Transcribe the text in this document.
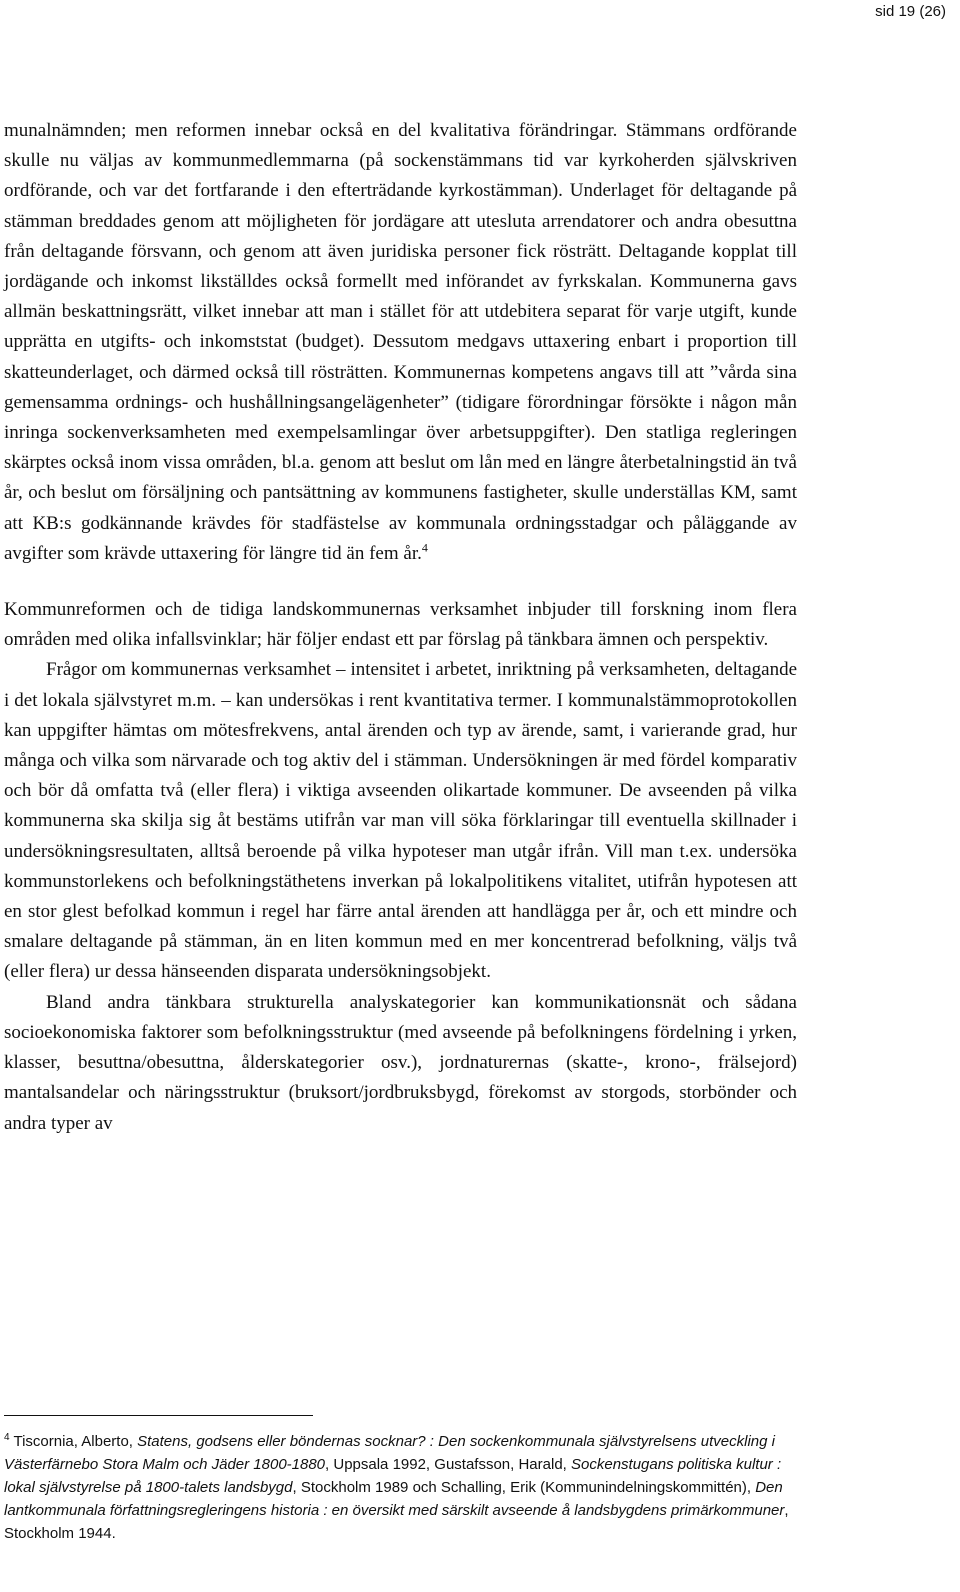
sid 19 (26)

munalnämnden; men reformen innebar också en del kvalitativa förändringar. Stämmans ordförande skulle nu väljas av kommunmedlemmarna (på sockenstämmans tid var kyrkoherden självskriven ordförande, och var det fortfarande i den efterträdande kyrkostämman). Underlaget för deltagande på stämman breddades genom att möjligheten för jordägare att utesluta arrendatorer och andra obesuttna från deltagande försvann, och genom att även juridiska personer fick rösträtt. Deltagande kopplat till jordägande och inkomst likställdes också formellt med införandet av fyrkskalan. Kommunerna gavs allmän beskattningsrätt, vilket innebar att man i stället för att utdebitera separat för varje utgift, kunde upprätta en utgifts- och inkomststat (budget). Dessutom medgavs uttaxering enbart i proportion till skatteunderlaget, och därmed också till rösträtten. Kommunernas kompetens angavs till att ”vårda sina gemensamma ordnings- och hushållningsangelägenheter” (tidigare förordningar försökte i någon mån inringa sockenverksamheten med exempelsamlingar över arbetsuppgifter). Den statliga regleringen skärptes också inom vissa områden, bl.a. genom att beslut om lån med en längre återbetalningstid än två år, och beslut om försäljning och pantsättning av kommunens fastigheter, skulle underställas KM, samt att KB:s godkännande krävdes för stadfästelse av kommunala ordningsstadgar och påläggande av avgifter som krävde uttaxering för längre tid än fem år.$^4$

Kommunreformen och de tidiga landskommunernas verksamhet inbjuder till forskning inom flera områden med olika infallsvinklar; här följer endast ett par förslag på tänkbara ämnen och perspektiv.

Frågor om kommunernas verksamhet – intensitet i arbetet, inriktning på verksamheten, deltagande i det lokala självstyret m.m. – kan undersökas i rent kvantitativa termer. I kommunalstämmoprotokollen kan uppgifter hämtas om mötesfrekvens, antal ärenden och typ av ärende, samt, i varierande grad, hur många och vilka som närvarade och tog aktiv del i stämman. Undersökningen är med fördel komparativ och bör då omfatta två (eller flera) i viktiga avseenden olikartade kommuner. De avseenden på vilka kommunerna ska skilja sig åt bestäms utifrån var man vill söka förklaringar till eventuella skillnader i undersökningsresultaten, alltså beroende på vilka hypoteser man utgår ifrån. Vill man t.ex. undersöka kommunstorlekens och befolkningstäthetens inverkan på lokalpolitikens vitalitet, utifrån hypotesen att en stor glest befolkad kommun i regel har färre antal ärenden att handlägga per år, och ett mindre och smalare deltagande på stämman, än en liten kommun med en mer koncentrerad befolkning, väljs två (eller flera) ur dessa hänseenden disparata undersökningsobjekt.

Bland andra tänkbara strukturella analyskategorier kan kommunikationsnät och sådana socioekonomiska faktorer som befolkningsstruktur (med avseende på befolkningens fördelning i yrken, klasser, besuttna/obesuttna, ålderskategorier osv.), jordnaturernas (skatte-, krono-, frälsejord) mantalsandelar och näringsstruktur (bruksort/jordbruksbygd, förekomst av storgods, storbönder och andra typer av

$^4$ Tiscornia, Alberto, Statens, godsens eller böndernas socknar? : Den sockenkommunala självstyrelsens utveckling i Västerfärnebo Stora Malm och Jäder 1800-1880, Uppsala 1992, Gustafsson, Harald, Sockenstugans politiska kultur : lokal självstyrelse på 1800-talets landsbygd, Stockholm 1989 och Schalling, Erik (Kommunindelningskommittén), Den lantkommunala författningsregleringens historia : en översikt med särskilt avseende å landsbygdens primärkommuner, Stockholm 1944.
